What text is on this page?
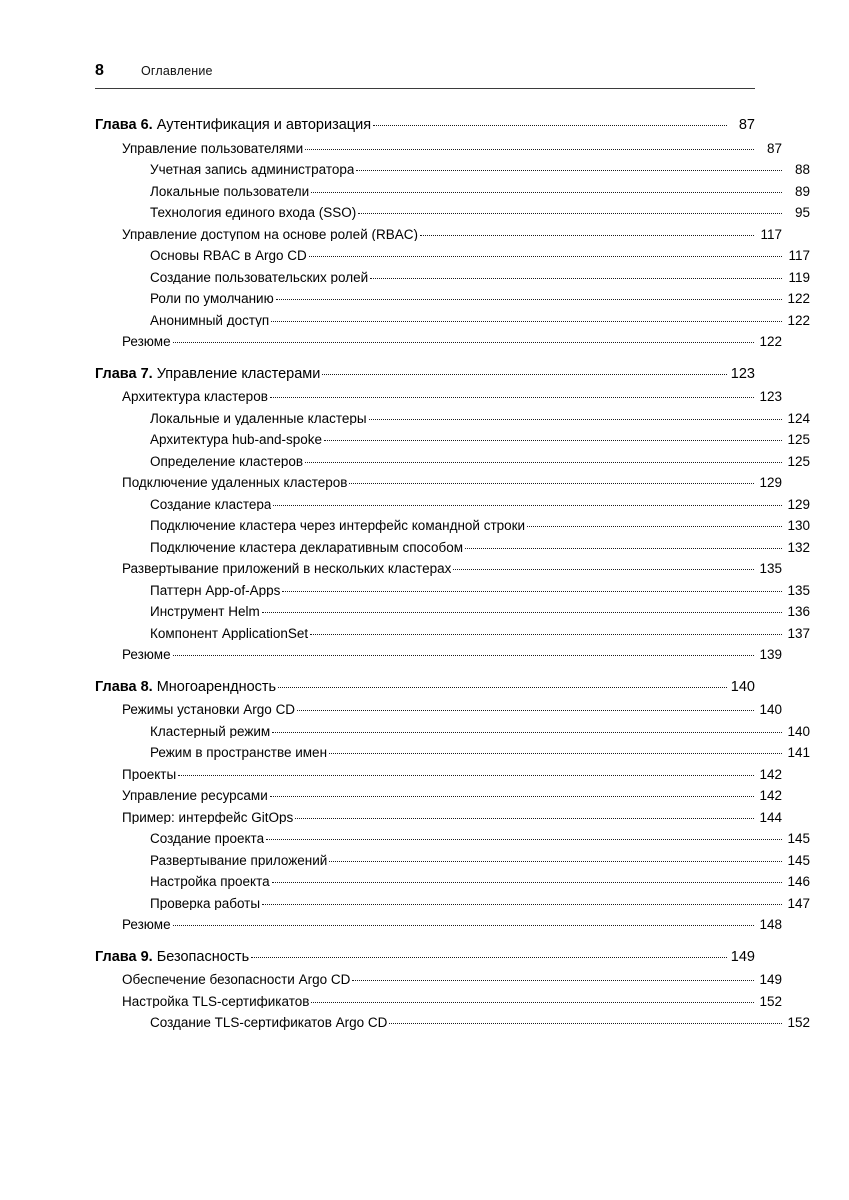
8	Оглавление
Глава 6. Аутентификация и авторизация	87
Управление пользователями	87
Учетная запись администратора	88
Локальные пользователи	89
Технология единого входа (SSO)	95
Управление доступом на основе ролей (RBAC)	117
Основы RBAC в Argo CD	117
Создание пользовательских ролей	119
Роли по умолчанию	122
Анонимный доступ	122
Резюме	122
Глава 7. Управление кластерами	123
Архитектура кластеров	123
Локальные и удаленные кластеры	124
Архитектура hub-and-spoke	125
Определение кластеров	125
Подключение удаленных кластеров	129
Создание кластера	129
Подключение кластера через интерфейс командной строки	130
Подключение кластера декларативным способом	132
Развертывание приложений в нескольких кластерах	135
Паттерн App-of-Apps	135
Инструмент Helm	136
Компонент ApplicationSet	137
Резюме	139
Глава 8. Многоарендность	140
Режимы установки Argo CD	140
Кластерный режим	140
Режим в пространстве имен	141
Проекты	142
Управление ресурсами	142
Пример: интерфейс GitOps	144
Создание проекта	145
Развертывание приложений	145
Настройка проекта	146
Проверка работы	147
Резюме	148
Глава 9. Безопасность	149
Обеспечение безопасности Argo CD	149
Настройка TLS-сертификатов	152
Создание TLS-сертификатов Argo CD	152
